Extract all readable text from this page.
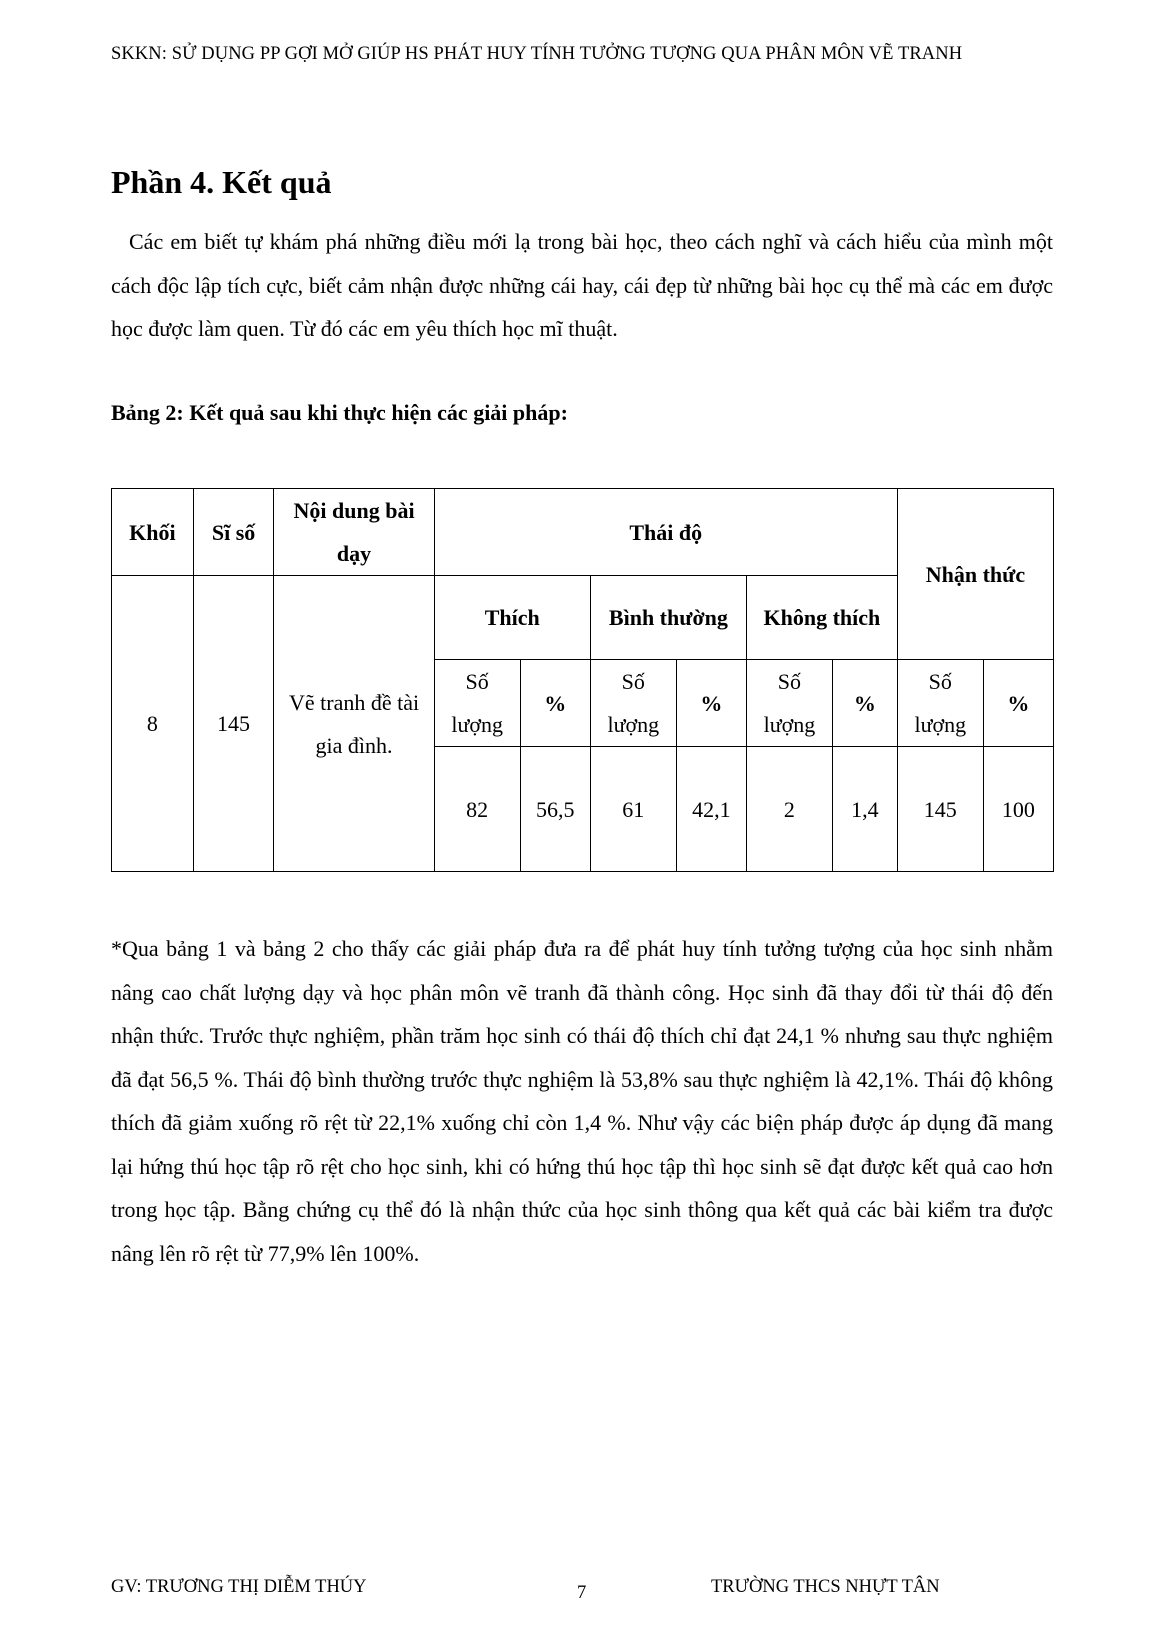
SKKN: SỬ DỤNG PP GỢI MỞ GIÚP HS PHÁT HUY TÍNH TƯỞNG TƯỢNG QUA PHÂN MÔN VẼ TRANH
Phần 4. Kết quả

Các em biết tự khám phá những điều mới lạ trong bài học, theo cách nghĩ và cách hiểu của mình một cách độc lập tích cực, biết cảm nhận được những cái hay, cái đẹp từ những bài học cụ thể mà các em được học được làm quen. Từ đó các em yêu thích học mĩ thuật.

Bảng 2: Kết quả sau khi thực hiện các giải pháp:

Khối	Sĩ số	Nội dung bài dạy	Thái độ						Nhận thức	
8	145	Vẽ tranh đề tài gia đình.	Thích		Bình thường		Không thích			
			Số lượng	%	Số lượng	%	Số lượng	%	Số lượng	%
			82	56,5	61	42,1	2	1,4	145	100

*Qua bảng 1 và bảng 2 cho thấy các giải pháp đưa ra để phát huy tính tưởng tượng của học sinh nhằm nâng cao chất lượng dạy và học phân môn vẽ tranh đã thành công. Học sinh đã thay đổi từ thái độ đến nhận thức. Trước thực nghiệm, phần trăm học sinh có thái độ thích chỉ đạt 24,1 % nhưng sau thực nghiệm đã đạt 56,5 %. Thái độ bình thường trước thực nghiệm là 53,8% sau thực nghiệm là 42,1%. Thái độ không thích đã giảm xuống rõ rệt từ 22,1% xuống chỉ còn 1,4 %. Như vậy các biện pháp được áp dụng đã mang lại hứng thú học tập rõ rệt cho học sinh, khi có hứng thú học tập thì học sinh sẽ đạt được kết quả cao hơn trong học tập. Bằng chứng cụ thể đó là nhận thức của học sinh thông qua kết quả các bài kiểm tra được nâng lên rõ rệt từ 77,9% lên 100%.

GV: TRƯƠNG THỊ DIỄM THÚY	7	TRƯỜNG THCS NHỰT TÂN
